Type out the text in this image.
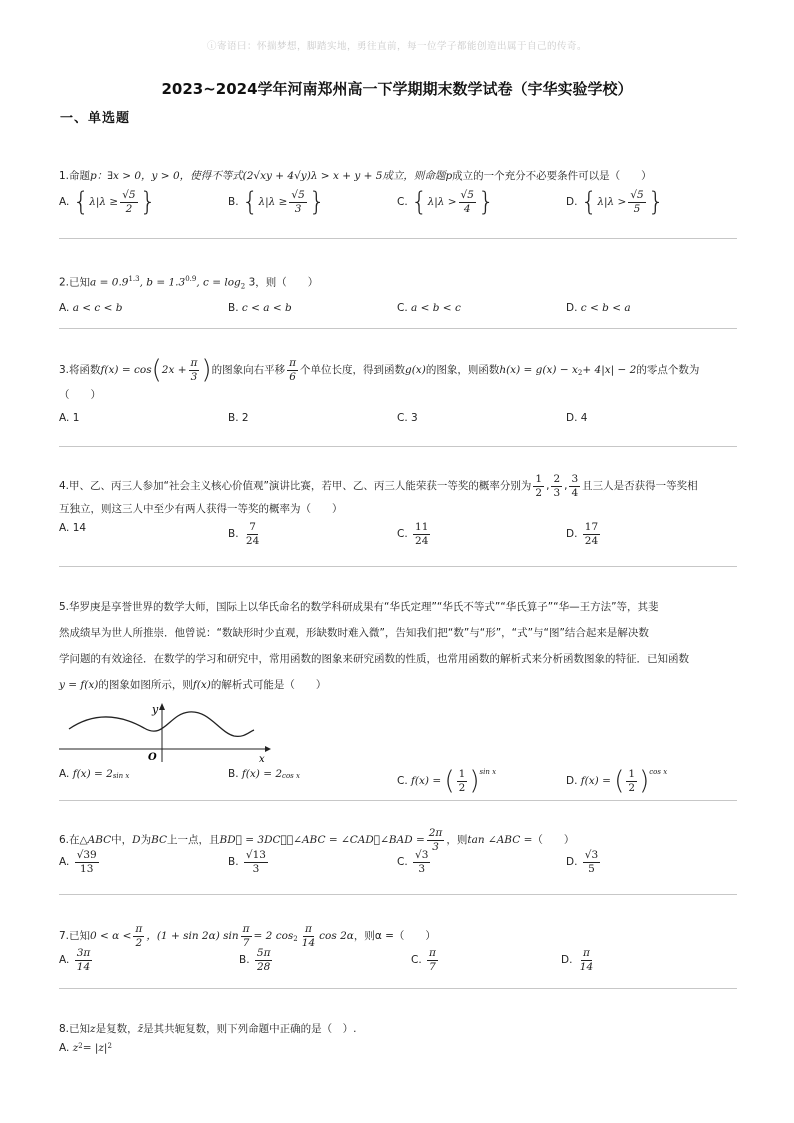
ⓘ寄语曰：怀揣梦想，脚踏实地，勇往直前，每一位学子都能创造出属于自己的传奇。
2023~2024学年河南郑州高一下学期期末数学试卷（宇华实验学校）
一、单选题
1.命题p：∃x > 0，y > 0，使得不等式(2√xy + 4√y)λ > x + y + 5成立，则命题p成立的一个充分不必要条件可以是（　　）
A.
{ $\lambda|\lambda \ge \frac{√5}{2}$ }	B.
{ $\lambda|\lambda \ge \frac{√5}{3}$ }	C.
{ $\lambda|\lambda > \frac{√5}{4}$ }	D.
{ $\lambda|\lambda > \frac{√5}{5}$ }
2.已知$a = 0.9^{1.3}$, $b = 1.3^{0.9}$, $c = \log_2 3$，则（　　）
A.
a < c < b	B.
c < a < b	C.
a < b < c	D.
c < b < a
3.将函数 f(x) = cos ( $2x + \frac{\pi}{3}$ ) 的图象向右平移 $\frac{\pi}{6}$ 个单位长度，得到函数 g(x) 的图象，则函数 $h(x) = g(x) - x_2 + 4|x| - 2$ 的零点个数为
（　　）
A.
1	B.
2	C.
3	D.
4
4.甲、乙、丙三人参加“社会主义核心价值观”演讲比赛，若甲、乙、丙三人能荣获一等奖的概率分别为 $\frac{1}{2}$ , $\frac{2}{3}$ , $\frac{3}{4}$ 且三人是否获得一等奖相
互独立，则这三人中至少有两人获得一等奖的概率为（　　）
A.
14	B.
$\frac{7}{24}$	C.
$\frac{11}{24}$	D.
$\frac{17}{24}$
5.华罗庚是享誉世界的数学大师，国际上以华氏命名的数学科研成果有“华氏定理”“华氏不等式”“华氏算子”“华—王方法”等，其斐
然成绩早为世人所推崇．他曾说：“数缺形时少直观，形缺数时难入微”，告知我们把“数”与“形”，“式”与“图”结合起来是解决数
学问题的有效途径．在数学的学习和研究中，常用函数的图象来研究函数的性质，也常用函数的解析式来分析函数图象的特征．已知函数
y = f(x)的图象如图所示，则f(x)的解析式可能是（　　）
y
x
O
A.
f(x) = 2 sin x	B.
f(x) = 2 cos x	C.
f(x) =
( $\frac{1}{2} )^{sin x}$
D.
f(x) =
( $\frac{1}{2} )^{cos x}$
6.在 △ABC 中， D 为 BC 上一点，且 BD⃗ = 3DC⃗，∠ABC = ∠CAD，∠BAD = $\frac{2\pi}{3}$ ，则 tan ∠ABC = （　　）
A.
$\frac{√39}{13}$	B.
$\frac{√13}{3}$	C.
$\frac{√3}{3}$	D.
$\frac{√3}{5}$
7.已知 $0 < \alpha < \frac{\pi}{2}$ ，(1 + sin 2α) $\sin \frac{\pi}{7} = 2$ $\cos_2 \frac{\pi}{14}$ cos 2α ，则α =（　　）
A.
$\frac{3\pi}{14}$	B.
$\frac{5\pi}{28}$	C.
$\frac{\pi}{7}$	D.
$\frac{\pi}{14}$
8.已知z是复数，z̄是其共轭复数，则下列命题中正确的是（　）.
A.
z 2 = |z| 2
